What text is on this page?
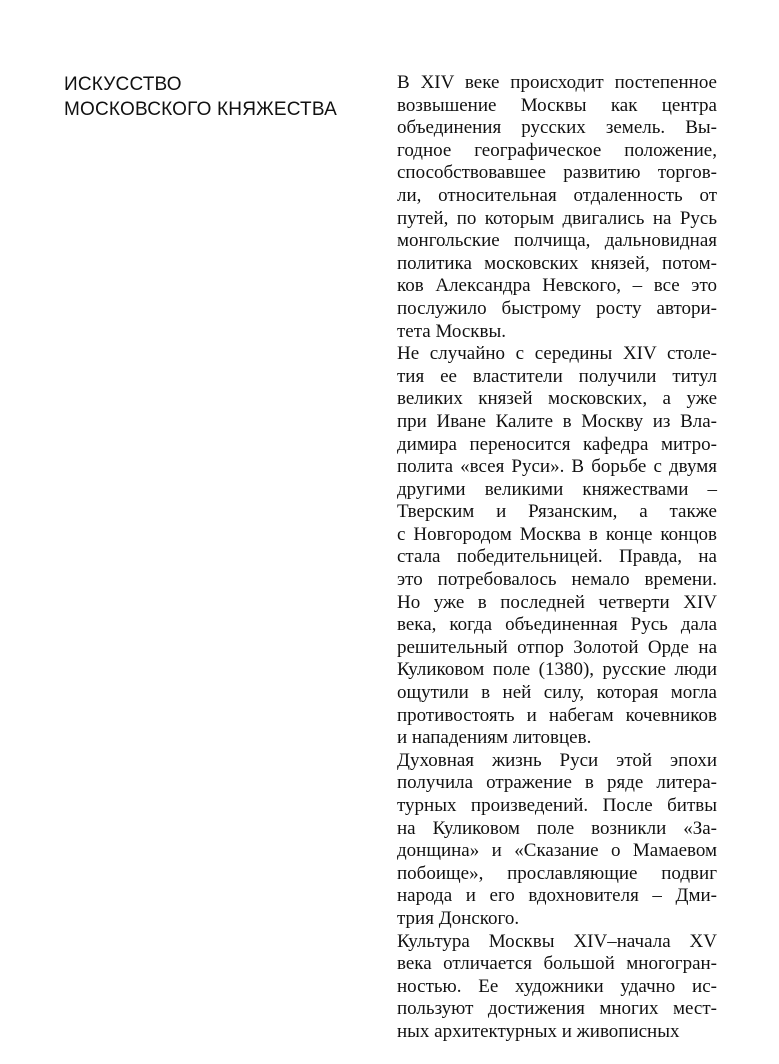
ИСКУССТВО
МОСКОВСКОГО КНЯЖЕСТВА
В XIV веке происходит постепенное
возвышение Москвы как центра
объединения русских земель. Вы-
годное географическое положение,
способствовавшее развитию торгов-
ли, относительная отдаленность от
путей, по которым двигались на Русь
монгольские полчища, дальновидная
политика московских князей, потом-
ков Александра Невского, – все это
послужило быстрому росту автори-
тета Москвы.
Не случайно с середины XIV столе-
тия ее властители получили титул
великих князей московских, а уже
при Иване Калите в Москву из Вла-
димира переносится кафедра митро-
полита «всея Руси». В борьбе с двумя
другими великими княжествами –
Тверским и Рязанским, а также
с Новгородом Москва в конце концов
стала победительницей. Правда, на
это потребовалось немало времени.
Но уже в последней четверти XIV
века, когда объединенная Русь дала
решительный отпор Золотой Орде на
Куликовом поле (1380), русские люди
ощутили в ней силу, которая могла
противостоять и набегам кочевников
и нападениям литовцев.
Духовная жизнь Руси этой эпохи
получила отражение в ряде литера-
турных произведений. После битвы
на Куликовом поле возникли «За-
донщина» и «Сказание о Мамаевом
побоище», прославляющие подвиг
народа и его вдохновителя – Дми-
трия Донского.
Культура Москвы XIV–начала XV
века отличается большой многогран-
ностью. Ее художники удачно ис-
пользуют достижения многих мест-
ных архитектурных и живописных
